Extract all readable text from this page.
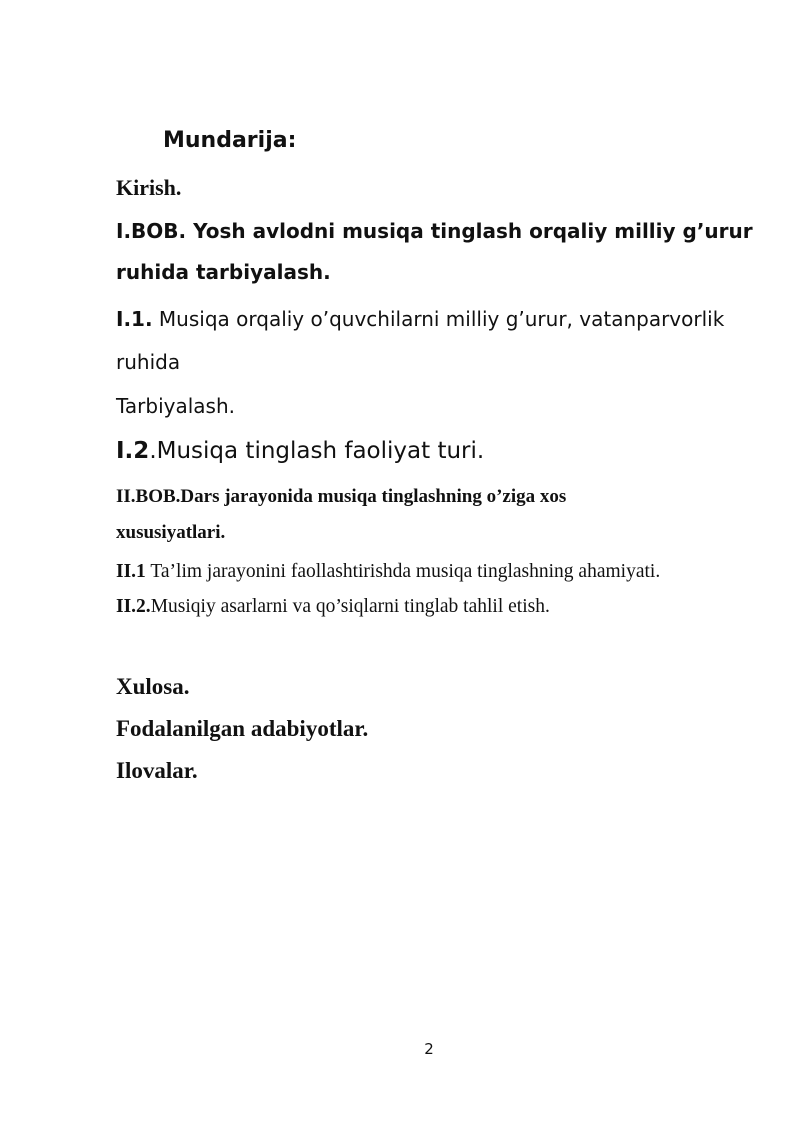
Mundarija:
Kirish.
I.BOB. Yosh avlodni musiqa tinglash orqaliy milliy g’urur
ruhida tarbiyalash.
I.1. Musiqa orqaliy o’quvchilarni milliy g’urur, vatanparvorlik
ruhida
Tarbiyalash.
I.2.Musiqa tinglash faoliyat turi.
II.BOB.Dars jarayonida musiqa tinglashning o’ziga xos
xususiyatlari.
II.1 Ta’lim jarayonini faollashtirishda musiqa tinglashning ahamiyati.
II.2.Musiqiy asarlarni va qo’siqlarni tinglab tahlil etish.
Xulosa.
Fodalanilgan adabiyotlar.
Ilovalar.
2
